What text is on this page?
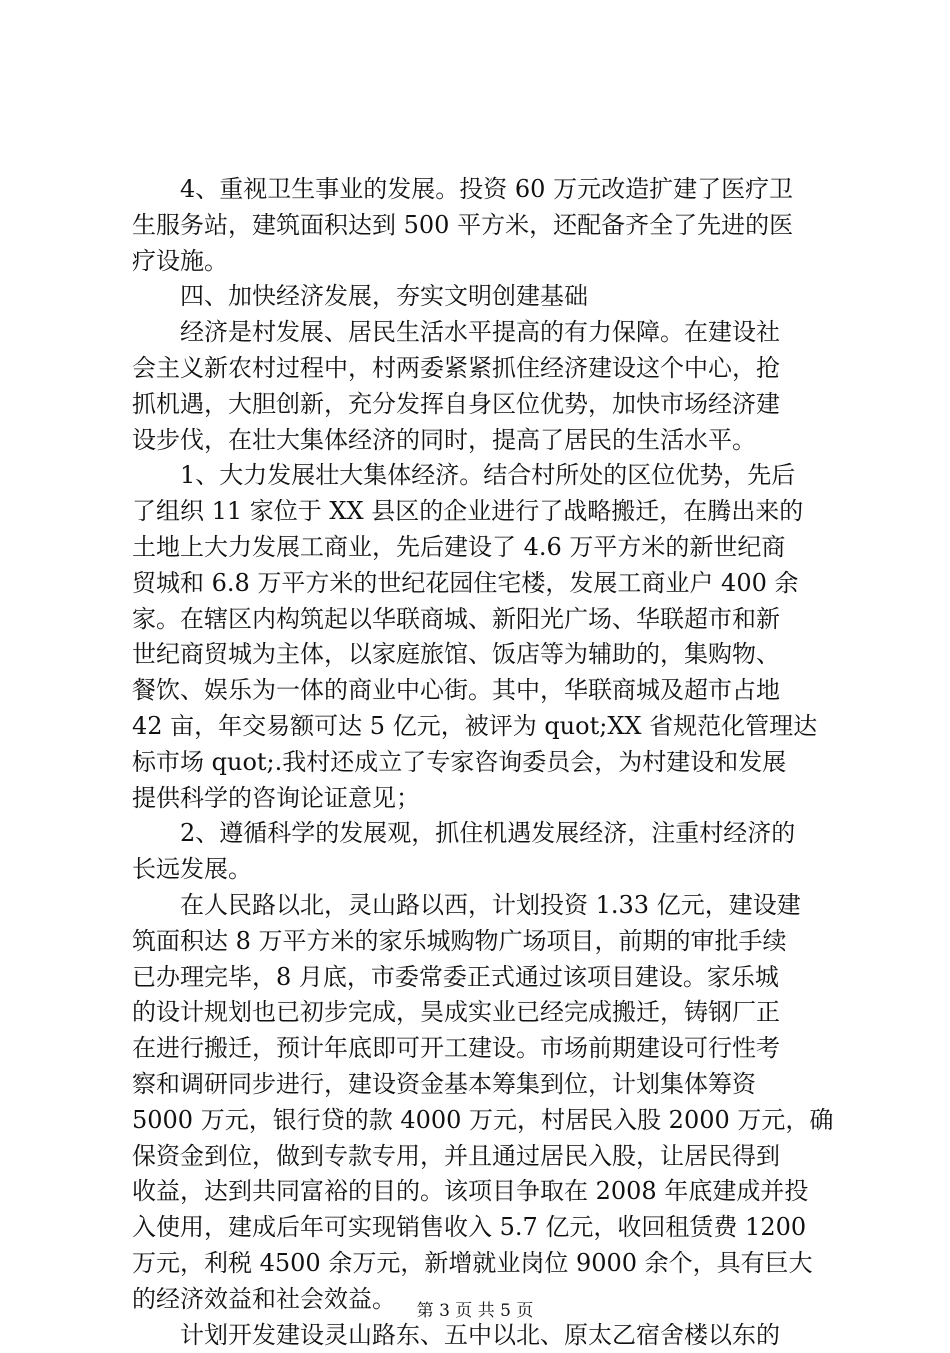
4、重视卫生事业的发展。投资 60 万元改造扩建了医疗卫
生服务站，建筑面积达到 500 平方米，还配备齐全了先进的医
疗设施。
四、加快经济发展，夯实文明创建基础
经济是村发展、居民生活水平提高的有力保障。在建设社
会主义新农村过程中，村两委紧紧抓住经济建设这个中心，抢
抓机遇，大胆创新，充分发挥自身区位优势，加快市场经济建
设步伐，在壮大集体经济的同时，提高了居民的生活水平。
1、大力发展壮大集体经济。结合村所处的区位优势，先后
了组织 11 家位于 XX 县区的企业进行了战略搬迁，在腾出来的
土地上大力发展工商业，先后建设了 4.6 万平方米的新世纪商
贸城和 6.8 万平方米的世纪花园住宅楼，发展工商业户 400 余
家。在辖区内构筑起以华联商城、新阳光广场、华联超市和新
世纪商贸城为主体，以家庭旅馆、饭店等为辅助的，集购物、
餐饮、娱乐为一体的商业中心街。其中，华联商城及超市占地
42 亩，年交易额可达 5 亿元，被评为 quot;XX 省规范化管理达
标市场 quot;.我村还成立了专家咨询委员会，为村建设和发展
提供科学的咨询论证意见；
2、遵循科学的发展观，抓住机遇发展经济，注重村经济的
长远发展。
在人民路以北，灵山路以西，计划投资 1.33 亿元，建设建
筑面积达 8 万平方米的家乐城购物广场项目，前期的审批手续
已办理完毕，8 月底，市委常委正式通过该项目建设。家乐城
的设计规划也已初步完成，昊成实业已经完成搬迁，铸钢厂正
在进行搬迁，预计年底即可开工建设。市场前期建设可行性考
察和调研同步进行，建设资金基本筹集到位，计划集体筹资
5000 万元，银行贷的款 4000 万元，村居民入股 2000 万元，确
保资金到位，做到专款专用，并且通过居民入股，让居民得到
收益，达到共同富裕的目的。该项目争取在 2008 年底建成并投
入使用，建成后年可实现销售收入 5.7 亿元，收回租赁费 1200
万元，利税 4500 余万元，新增就业岗位 9000 余个，具有巨大
的经济效益和社会效益。
计划开发建设灵山路东、五中以北、原太乙宿舍楼以东的
第 3 页 共 5 页
